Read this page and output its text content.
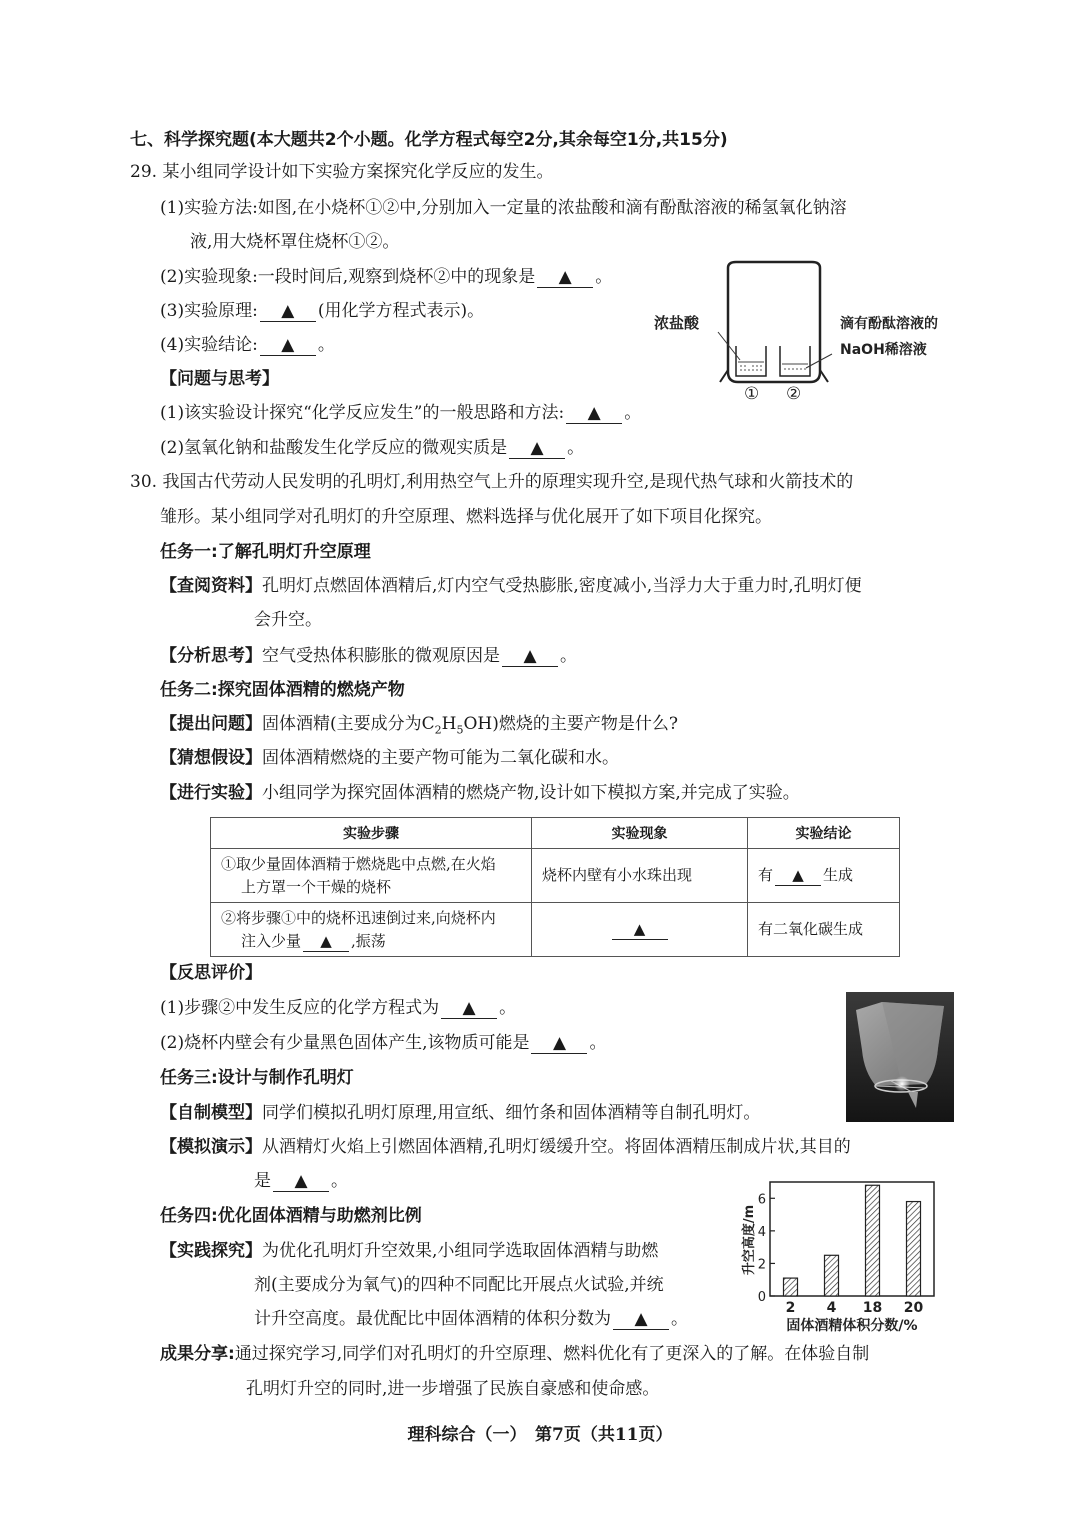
七、科学探究题(本大题共2个小题。化学方程式每空2分,其余每空1分,共15分)
29. 某小组同学设计如下实验方案探究化学反应的发生。
(1)实验方法:如图,在小烧杯①②中,分别加入一定量的浓盐酸和滴有酚酞溶液的稀氢氧化钠溶
液,用大烧杯罩住烧杯①②。
(2)实验现象:一段时间后,观察到烧杯②中的现象是 ▲ 。
(3)实验原理: ▲ (用化学方程式表示)。
(4)实验结论: ▲ 。
【问题与思考】
(1)该实验设计探究“化学反应发生”的一般思路和方法: ▲ 。
(2)氢氧化钠和盐酸发生化学反应的微观实质是 ▲ 。
浓盐酸	滴有酚酞溶液的
NaOH稀溶液
① ②
30. 我国古代劳动人民发明的孔明灯,利用热空气上升的原理实现升空,是现代热气球和火箭技术的
雏形。某小组同学对孔明灯的升空原理、燃料选择与优化展开了如下项目化探究。
任务一:了解孔明灯升空原理
【查阅资料】孔明灯点燃固体酒精后,灯内空气受热膨胀,密度减小,当浮力大于重力时,孔明灯便
会升空。
【分析思考】空气受热体积膨胀的微观原因是 ▲ 。
任务二:探究固体酒精的燃烧产物
【提出问题】固体酒精(主要成分为$C_2H_5OH$)燃烧的主要产物是什么?
【猜想假设】固体酒精燃烧的主要产物可能为二氧化碳和水。
【进行实验】小组同学为探究固体酒精的燃烧产物,设计如下模拟方案,并完成了实验。
实验步骤	实验现象	实验结论

①取少量固体酒精于燃烧匙中点燃,在火焰
上方罩一个干燥的烧杯	烧杯内壁有小水珠出现	有 ▲ 生成

②将步骤①中的烧杯迅速倒过来,向烧杯内
注入少量 ▲ ,振荡	▲	有二氧化碳生成
【反思评价】
(1)步骤②中发生反应的化学方程式为 ▲ 。
(2)烧杯内壁会有少量黑色固体产生,该物质可能是 ▲ 。
任务三:设计与制作孔明灯
【自制模型】同学们模拟孔明灯原理,用宣纸、细竹条和固体酒精等自制孔明灯。
【模拟演示】从酒精灯火焰上引燃固体酒精,孔明灯缓缓升空。将固体酒精压制成片状,其目的
是 ▲ 。
任务四:优化固体酒精与助燃剂比例
【实践探究】为优化孔明灯升空效果,小组同学选取固体酒精与助燃
剂(主要成分为氧气)的四种不同配比开展点火试验,并统
计升空高度。最优配比中固体酒精的体积分数为 ▲ 。
0
2
4
6
2 4 18 20
固体酒精体积分数/%
升空高度/m
成果分享:通过探究学习,同学们对孔明灯的升空原理、燃料优化有了更深入的了解。在体验自制
孔明灯升空的同时,进一步增强了民族自豪感和使命感。
理科综合（一）　第7页（共11页）
